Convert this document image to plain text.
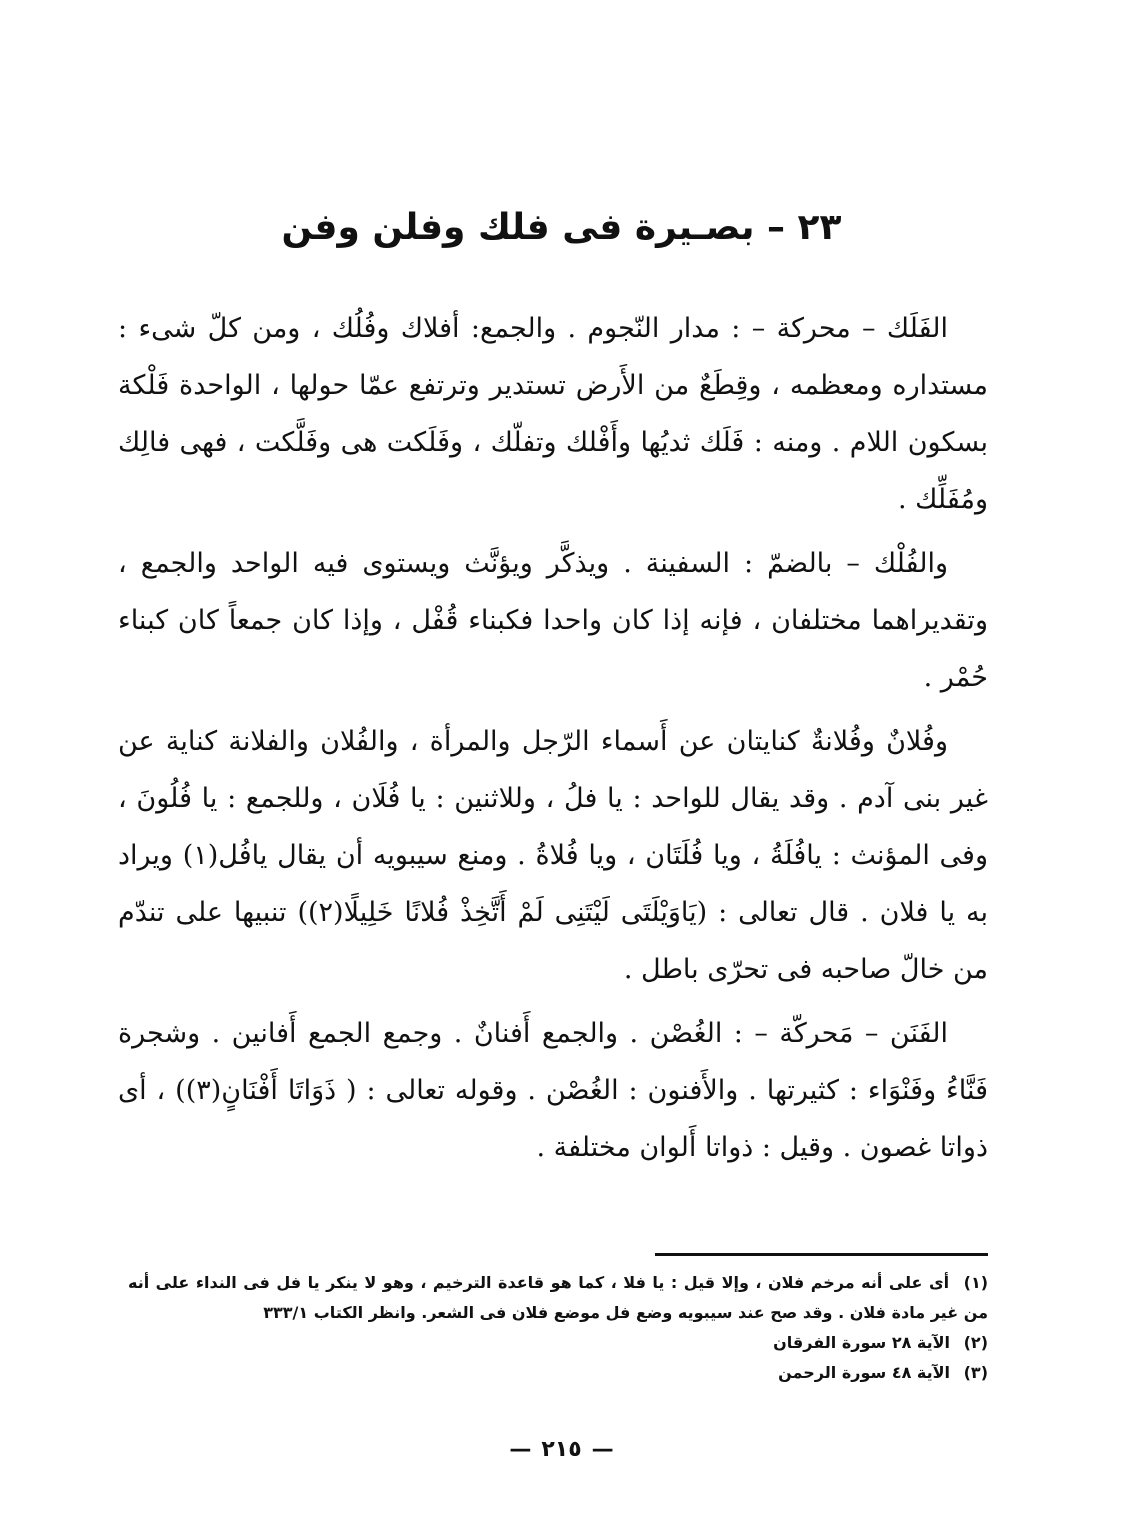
٢٣ – بصـيرة فى فلك وفلن وفن

الفَلَك – محركة – : مدار النّجوم . والجمع: أفلاك وفُلُك ، ومن كلّ شىء : مستداره ومعظمه ، وقِطَعٌ من الأَرض تستدير وترتفع عمّا حولها ، الواحدة فَلْكة بسكون اللام . ومنه : فَلَك ثديُها وأَفْلك وتفلّك ، وفَلَكت هى وفَلَّكت ، فهى فالِك ومُفَلِّك .

والفُلْك – بالضمّ : السفينة . ويذكَّر ويؤنَّث ويستوى فيه الواحد والجمع ، وتقديراهما مختلفان ، فإنه إذا كان واحدا فكبناء قُفْل ، وإذا كان جمعاً كان كبناء حُمْر .

وفُلانٌ وفُلانةٌ كنايتان عن أَسماء الرّجل والمرأة ، والفُلان والفلانة كناية عن غير بنى آدم . وقد يقال للواحد : يا فلُ ، وللاثنين : يا فُلَان ، وللجمع : يا فُلُونَ ، وفى المؤنث : يافُلَةُ ، ويا فُلَتَان ، ويا فُلاةُ . ومنع سيبويه أن يقال يافُل(١) ويراد به يا فلان . قال تعالى : (يَاوَيْلَتَى لَيْتَنِى لَمْ أَتَّخِذْ فُلانًا خَلِيلًا(٢)) تنبيها على تندّم من خالّ صاحبه فى تحرّى باطل .

الفَنَن – مَحركّة – : الغُصْن . والجمع أَفنانٌ . وجمع الجمع أَفانين . وشجرة فَنَّاءُ وفَنْوَاء : كثيرتها . والأَفنون : الغُصْن . وقوله تعالى : ( ذَوَاتَا أَفْنَانٍ(٣)) ، أى ذواتا غصون . وقيل : ذواتا أَلوان مختلفة .

(١) أى على أنه مرخم فلان ، وإلا قيل : يا فلا ، كما هو قاعدة الترخيم ، وهو لا ينكر يا فل فى النداء على أنه من غير مادة فلان . وقد صح عند سيبويه وضع فل موضع فلان فى الشعر. وانظر الكتاب ٣٣٣/١

(٢) الآية ٢٨ سورة الفرقان

(٣) الآية ٤٨ سورة الرحمن

—٢١٥—
